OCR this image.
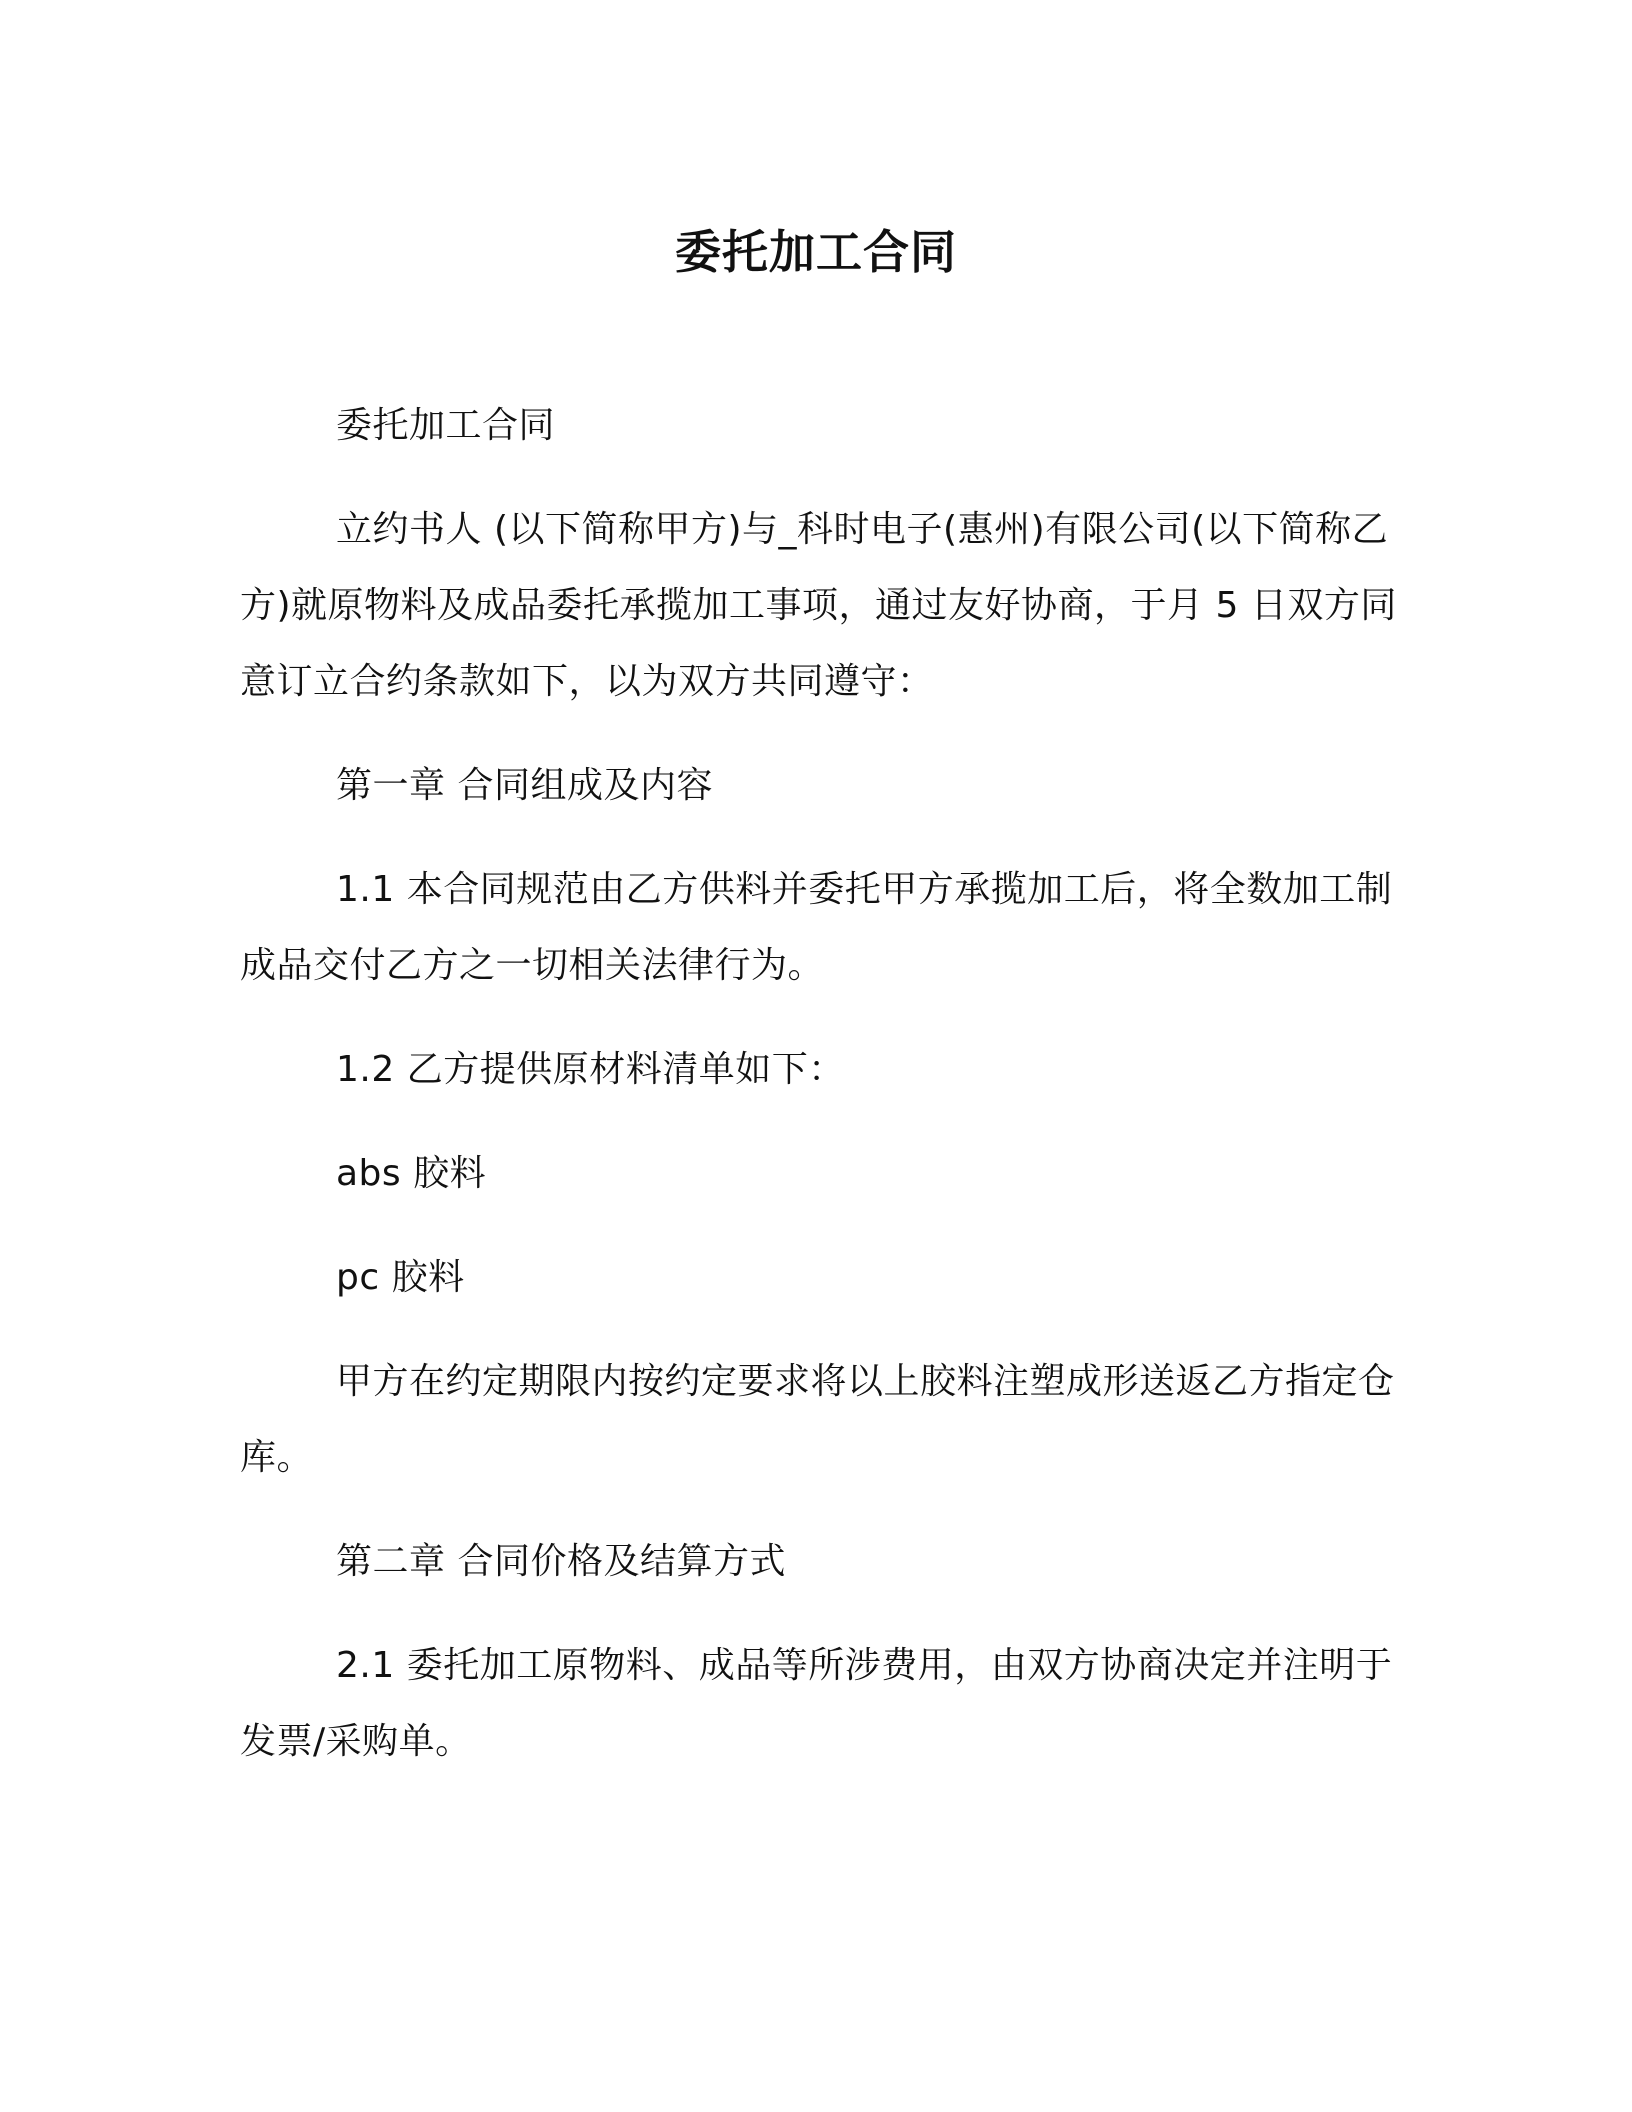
委托加工合同

委托加工合同

立约书人 (以下简称甲方)与_科时电子(惠州)有限公司(以下简称乙方)就原物料及成品委托承揽加工事项，通过友好协商，于月 5 日双方同意订立合约条款如下，以为双方共同遵守：

第一章 合同组成及内容

1.1 本合同规范由乙方供料并委托甲方承揽加工后，将全数加工制成品交付乙方之一切相关法律行为。

1.2 乙方提供原材料清单如下：

abs 胶料

pc 胶料

甲方在约定期限内按约定要求将以上胶料注塑成形送返乙方指定仓库。

第二章 合同价格及结算方式

2.1 委托加工原物料、成品等所涉费用，由双方协商决定并注明于发票/采购单。
